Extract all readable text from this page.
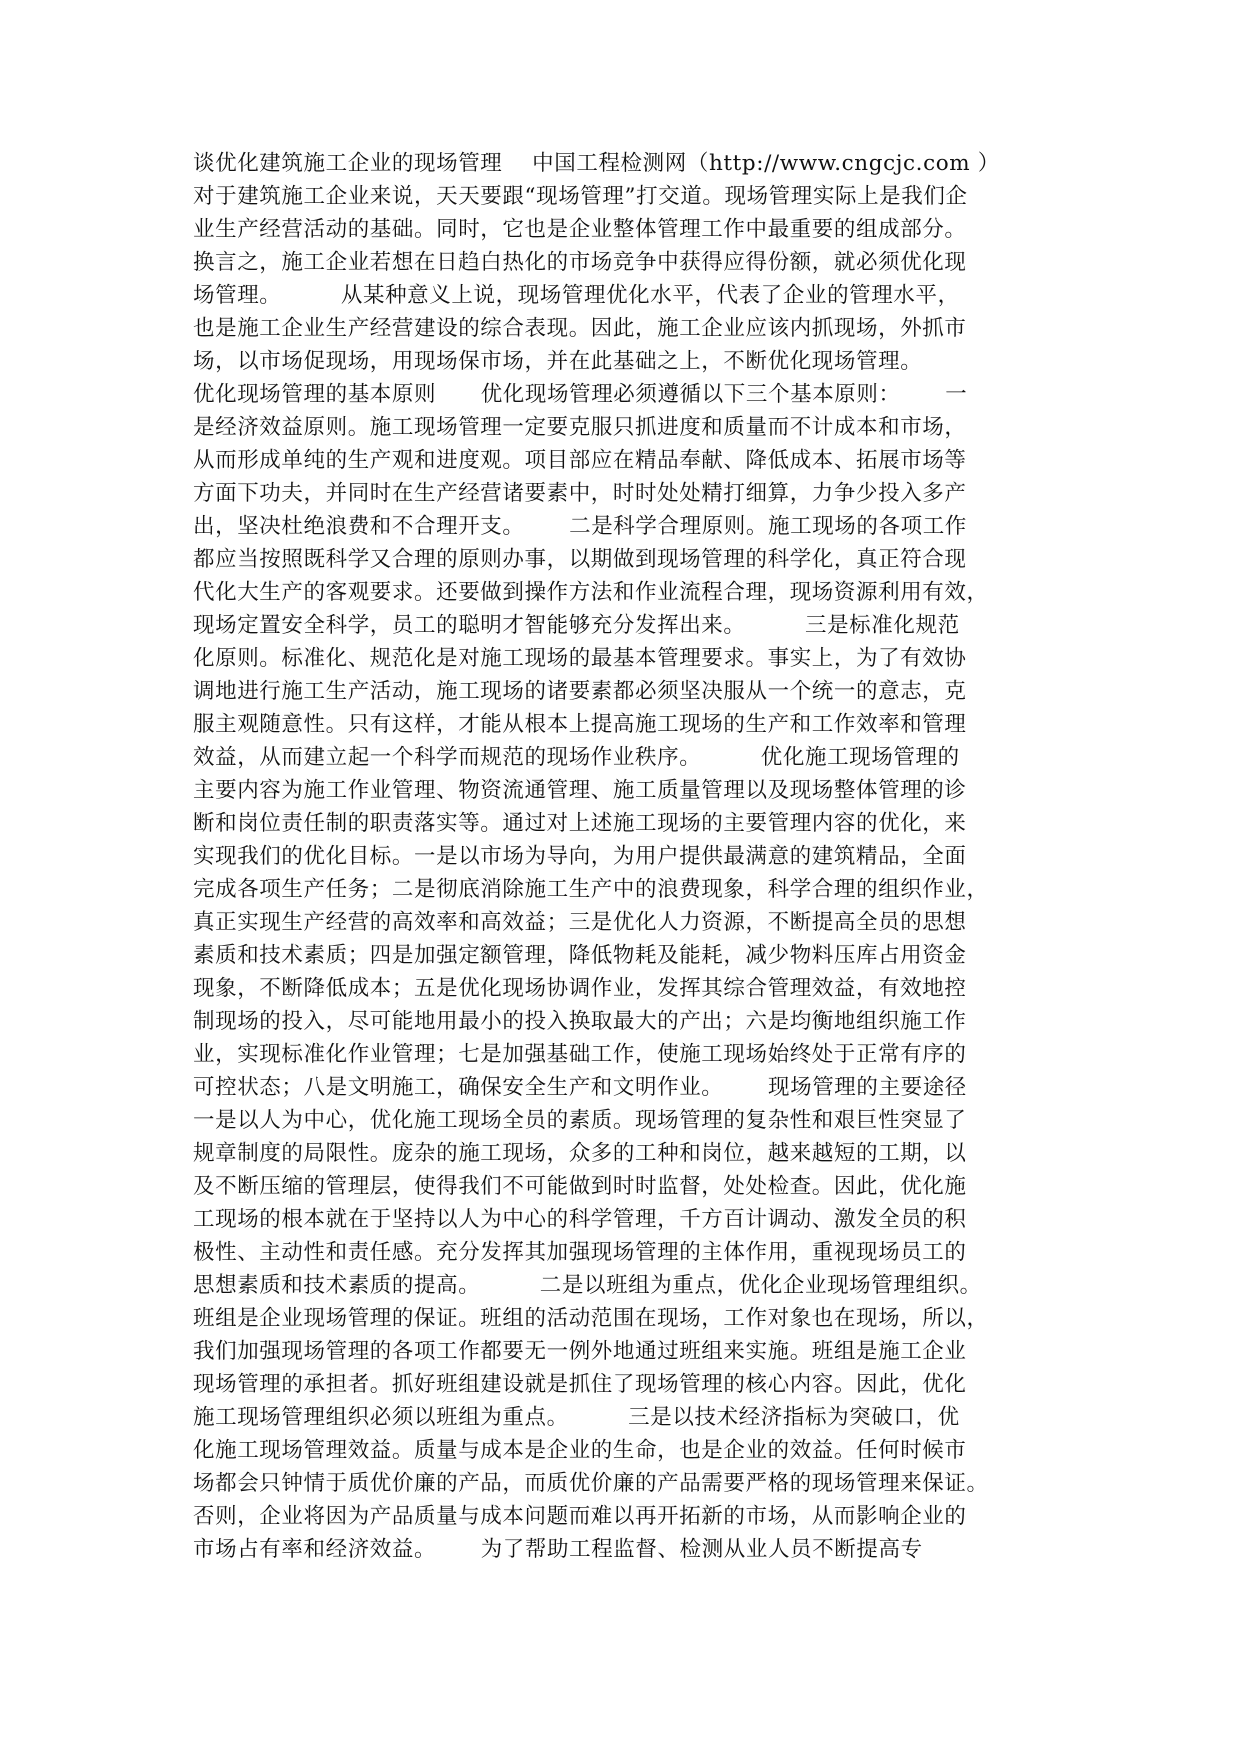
谈优化建筑施工企业的现场管理    中国工程检测网（http://www.cngcjc.com ）
对于建筑施工企业来说，天天要跟“现场管理”打交道。现场管理实际上是我们企
业生产经营活动的基础。同时，它也是企业整体管理工作中最重要的组成部分。
换言之，施工企业若想在日趋白热化的市场竞争中获得应得份额，就必须优化现
场管理。        从某种意义上说，现场管理优化水平，代表了企业的管理水平，
也是施工企业生产经营建设的综合表现。因此，施工企业应该内抓现场，外抓市
场，以市场促现场，用现场保市场，并在此基础之上，不断优化现场管理。
优化现场管理的基本原则      优化现场管理必须遵循以下三个基本原则：      一
是经济效益原则。施工现场管理一定要克服只抓进度和质量而不计成本和市场，
从而形成单纯的生产观和进度观。项目部应在精品奉献、降低成本、拓展市场等
方面下功夫，并同时在生产经营诸要素中，时时处处精打细算，力争少投入多产
出，坚决杜绝浪费和不合理开支。      二是科学合理原则。施工现场的各项工作
都应当按照既科学又合理的原则办事，以期做到现场管理的科学化，真正符合现
代化大生产的客观要求。还要做到操作方法和作业流程合理，现场资源利用有效，
现场定置安全科学，员工的聪明才智能够充分发挥出来。        三是标准化规范
化原则。标准化、规范化是对施工现场的最基本管理要求。事实上，为了有效协
调地进行施工生产活动，施工现场的诸要素都必须坚决服从一个统一的意志，克
服主观随意性。只有这样，才能从根本上提高施工现场的生产和工作效率和管理
效益，从而建立起一个科学而规范的现场作业秩序。        优化施工现场管理的
主要内容为施工作业管理、物资流通管理、施工质量管理以及现场整体管理的诊
断和岗位责任制的职责落实等。通过对上述施工现场的主要管理内容的优化，来
实现我们的优化目标。一是以市场为导向，为用户提供最满意的建筑精品，全面
完成各项生产任务；二是彻底消除施工生产中的浪费现象，科学合理的组织作业，
真正实现生产经营的高效率和高效益；三是优化人力资源，不断提高全员的思想
素质和技术素质；四是加强定额管理，降低物耗及能耗，减少物料压库占用资金
现象，不断降低成本；五是优化现场协调作业，发挥其综合管理效益，有效地控
制现场的投入，尽可能地用最小的投入换取最大的产出；六是均衡地组织施工作
业，实现标准化作业管理；七是加强基础工作，使施工现场始终处于正常有序的
可控状态；八是文明施工，确保安全生产和文明作业。      现场管理的主要途径
一是以人为中心，优化施工现场全员的素质。现场管理的复杂性和艰巨性突显了
规章制度的局限性。庞杂的施工现场，众多的工种和岗位，越来越短的工期，以
及不断压缩的管理层，使得我们不可能做到时时监督，处处检查。因此，优化施
工现场的根本就在于坚持以人为中心的科学管理，千方百计调动、激发全员的积
极性、主动性和责任感。充分发挥其加强现场管理的主体作用，重视现场员工的
思想素质和技术素质的提高。        二是以班组为重点，优化企业现场管理组织。
班组是企业现场管理的保证。班组的活动范围在现场，工作对象也在现场，所以，
我们加强现场管理的各项工作都要无一例外地通过班组来实施。班组是施工企业
现场管理的承担者。抓好班组建设就是抓住了现场管理的核心内容。因此，优化
施工现场管理组织必须以班组为重点。        三是以技术经济指标为突破口，优
化施工现场管理效益。质量与成本是企业的生命，也是企业的效益。任何时候市
场都会只钟情于质优价廉的产品，而质优价廉的产品需要严格的现场管理来保证。
否则，企业将因为产品质量与成本问题而难以再开拓新的市场，从而影响企业的
市场占有率和经济效益。      为了帮助工程监督、检测从业人员不断提高专
